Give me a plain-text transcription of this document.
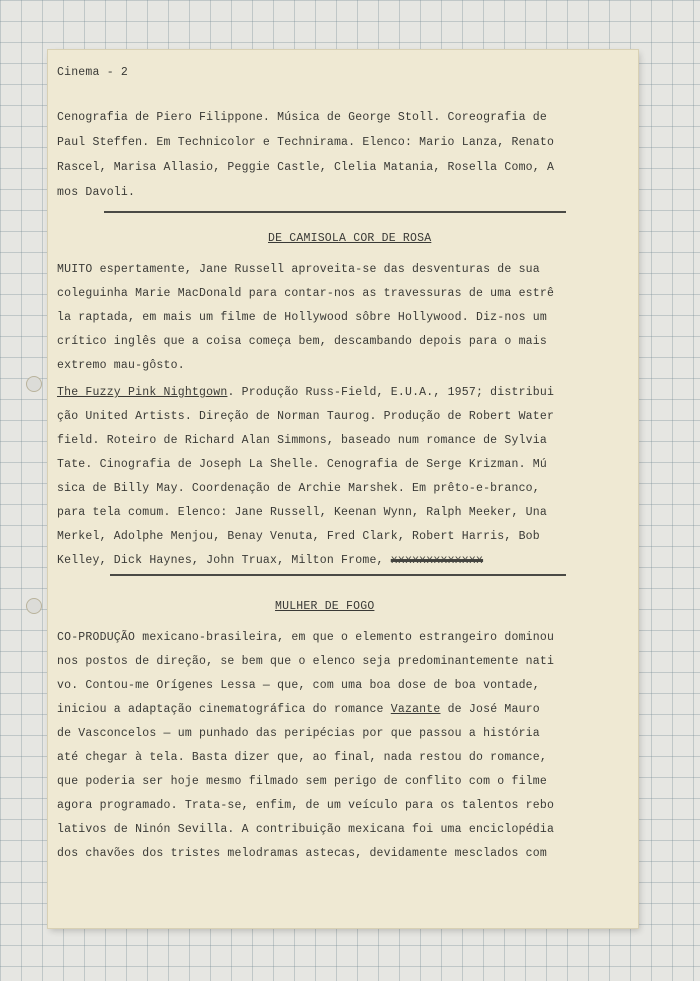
Cinema - 2

Cenografia de Piero Filippone. Música de George Stoll. Coreografia de

Paul Steffen. Em Technicolor e Technirama. Elenco: Mario Lanza, Renato

Rascel, Marisa Allasio, Peggie Castle, Clelia Matania, Rosella Como, A

mos Davoli.

DE CAMISOLA COR DE ROSA

MUITO espertamente, Jane Russell aproveita-se das desventuras de sua

coleguinha Marie MacDonald para contar-nos as travessuras de uma estrê

la raptada, em mais um filme de Hollywood sôbre Hollywood. Diz-nos um

crítico inglês que a coisa começa bem, descambando depois para o mais

extremo mau-gôsto.

The Fuzzy Pink Nightgown. Produção Russ-Field, E.U.A., 1957; distribui

ção United Artists. Direção de Norman Taurog. Produção de Robert Water

field. Roteiro de Richard Alan Simmons, baseado num romance de Sylvia

Tate. Cinografia de Joseph La Shelle. Cenografia de Serge Krizman. Mú

sica de Billy May. Coordenação de Archie Marshek. Em prêto-e-branco,

para tela comum. Elenco: Jane Russell, Keenan Wynn, Ralph Meeker, Una

Merkel, Adolphe Menjou, Benay Venuta, Fred Clark, Robert Harris, Bob

Kelley, Dick Haynes, John Truax, Milton Frome, xxxxxxxxxxxxx

MULHER DE FOGO

CO-PRODUÇÃO mexicano-brasileira, em que o elemento estrangeiro dominou

nos postos de direção, se bem que o elenco seja predominantemente nati

vo. Contou-me Orígenes Lessa — que, com uma boa dose de boa vontade,

iniciou a adaptação cinematográfica do romance Vazante de José Mauro

de Vasconcelos — um punhado das peripécias por que passou a história

até chegar à tela. Basta dizer que, ao final, nada restou do romance,

que poderia ser hoje mesmo filmado sem perigo de conflito com o filme

agora programado. Trata-se, enfim, de um veículo para os talentos rebo

lativos de Ninón Sevilla. A contribuição mexicana foi uma enciclopédia

dos chavões dos tristes melodramas astecas, devidamente mesclados com
